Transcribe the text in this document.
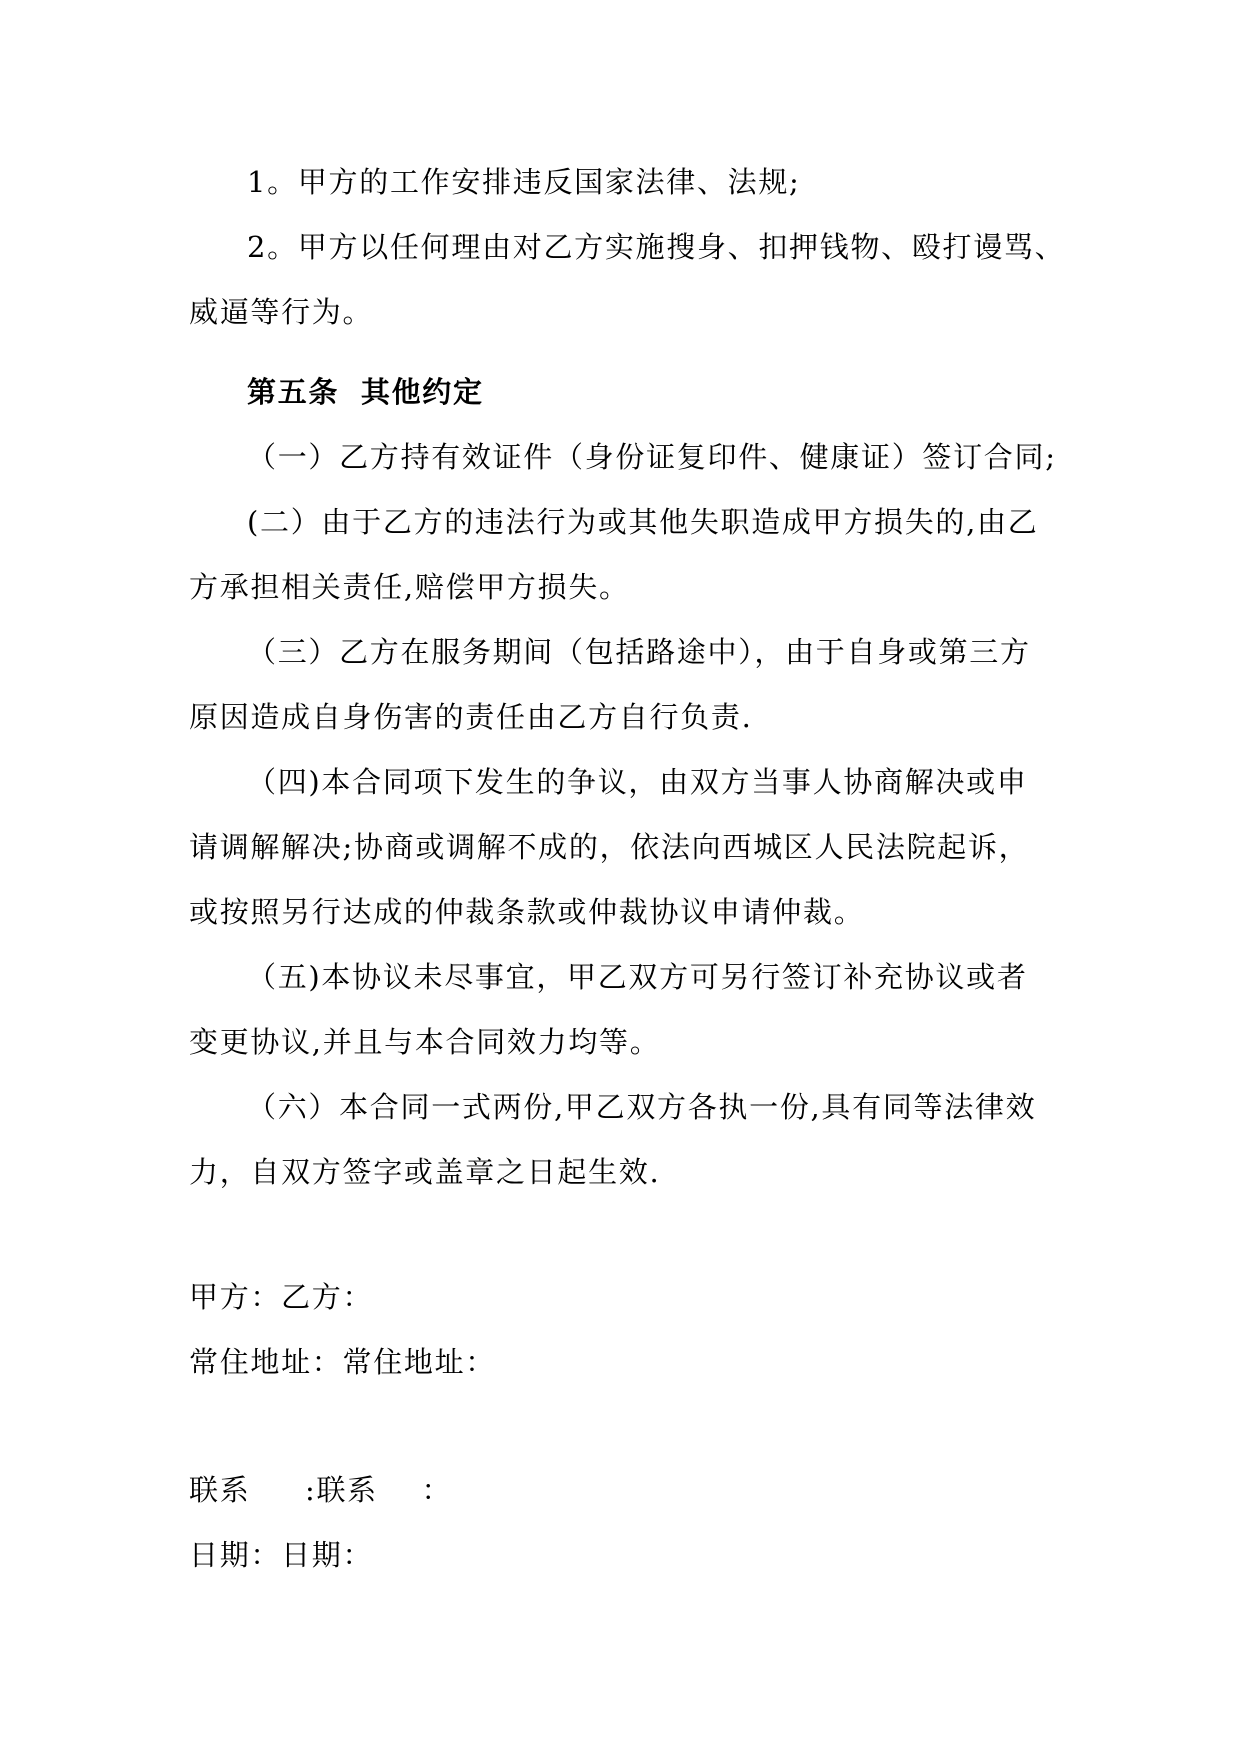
1。甲方的工作安排违反国家法律、法规;
2。甲方以任何理由对乙方实施搜身、扣押钱物、殴打谩骂、
威逼等行为。
第五条 其他约定
（一）乙方持有效证件（身份证复印件、健康证）签订合同;
(二）由于乙方的违法行为或其他失职造成甲方损失的,由乙
方承担相关责任,赔偿甲方损失。
（三）乙方在服务期间（包括路途中），由于自身或第三方
原因造成自身伤害的责任由乙方自行负责.
（四)本合同项下发生的争议，由双方当事人协商解决或申
请调解解决;协商或调解不成的，依法向西城区人民法院起诉，
或按照另行达成的仲裁条款或仲裁协议申请仲裁。
（五)本协议未尽事宜，甲乙双方可另行签订补充协议或者
变更协议,并且与本合同效力均等。
（六）本合同一式两份,甲乙双方各执一份,具有同等法律效
力，自双方签字或盖章之日起生效.
甲方：乙方：
常住地址：常住地址：
联系     :联系    ：
日期：日期：
